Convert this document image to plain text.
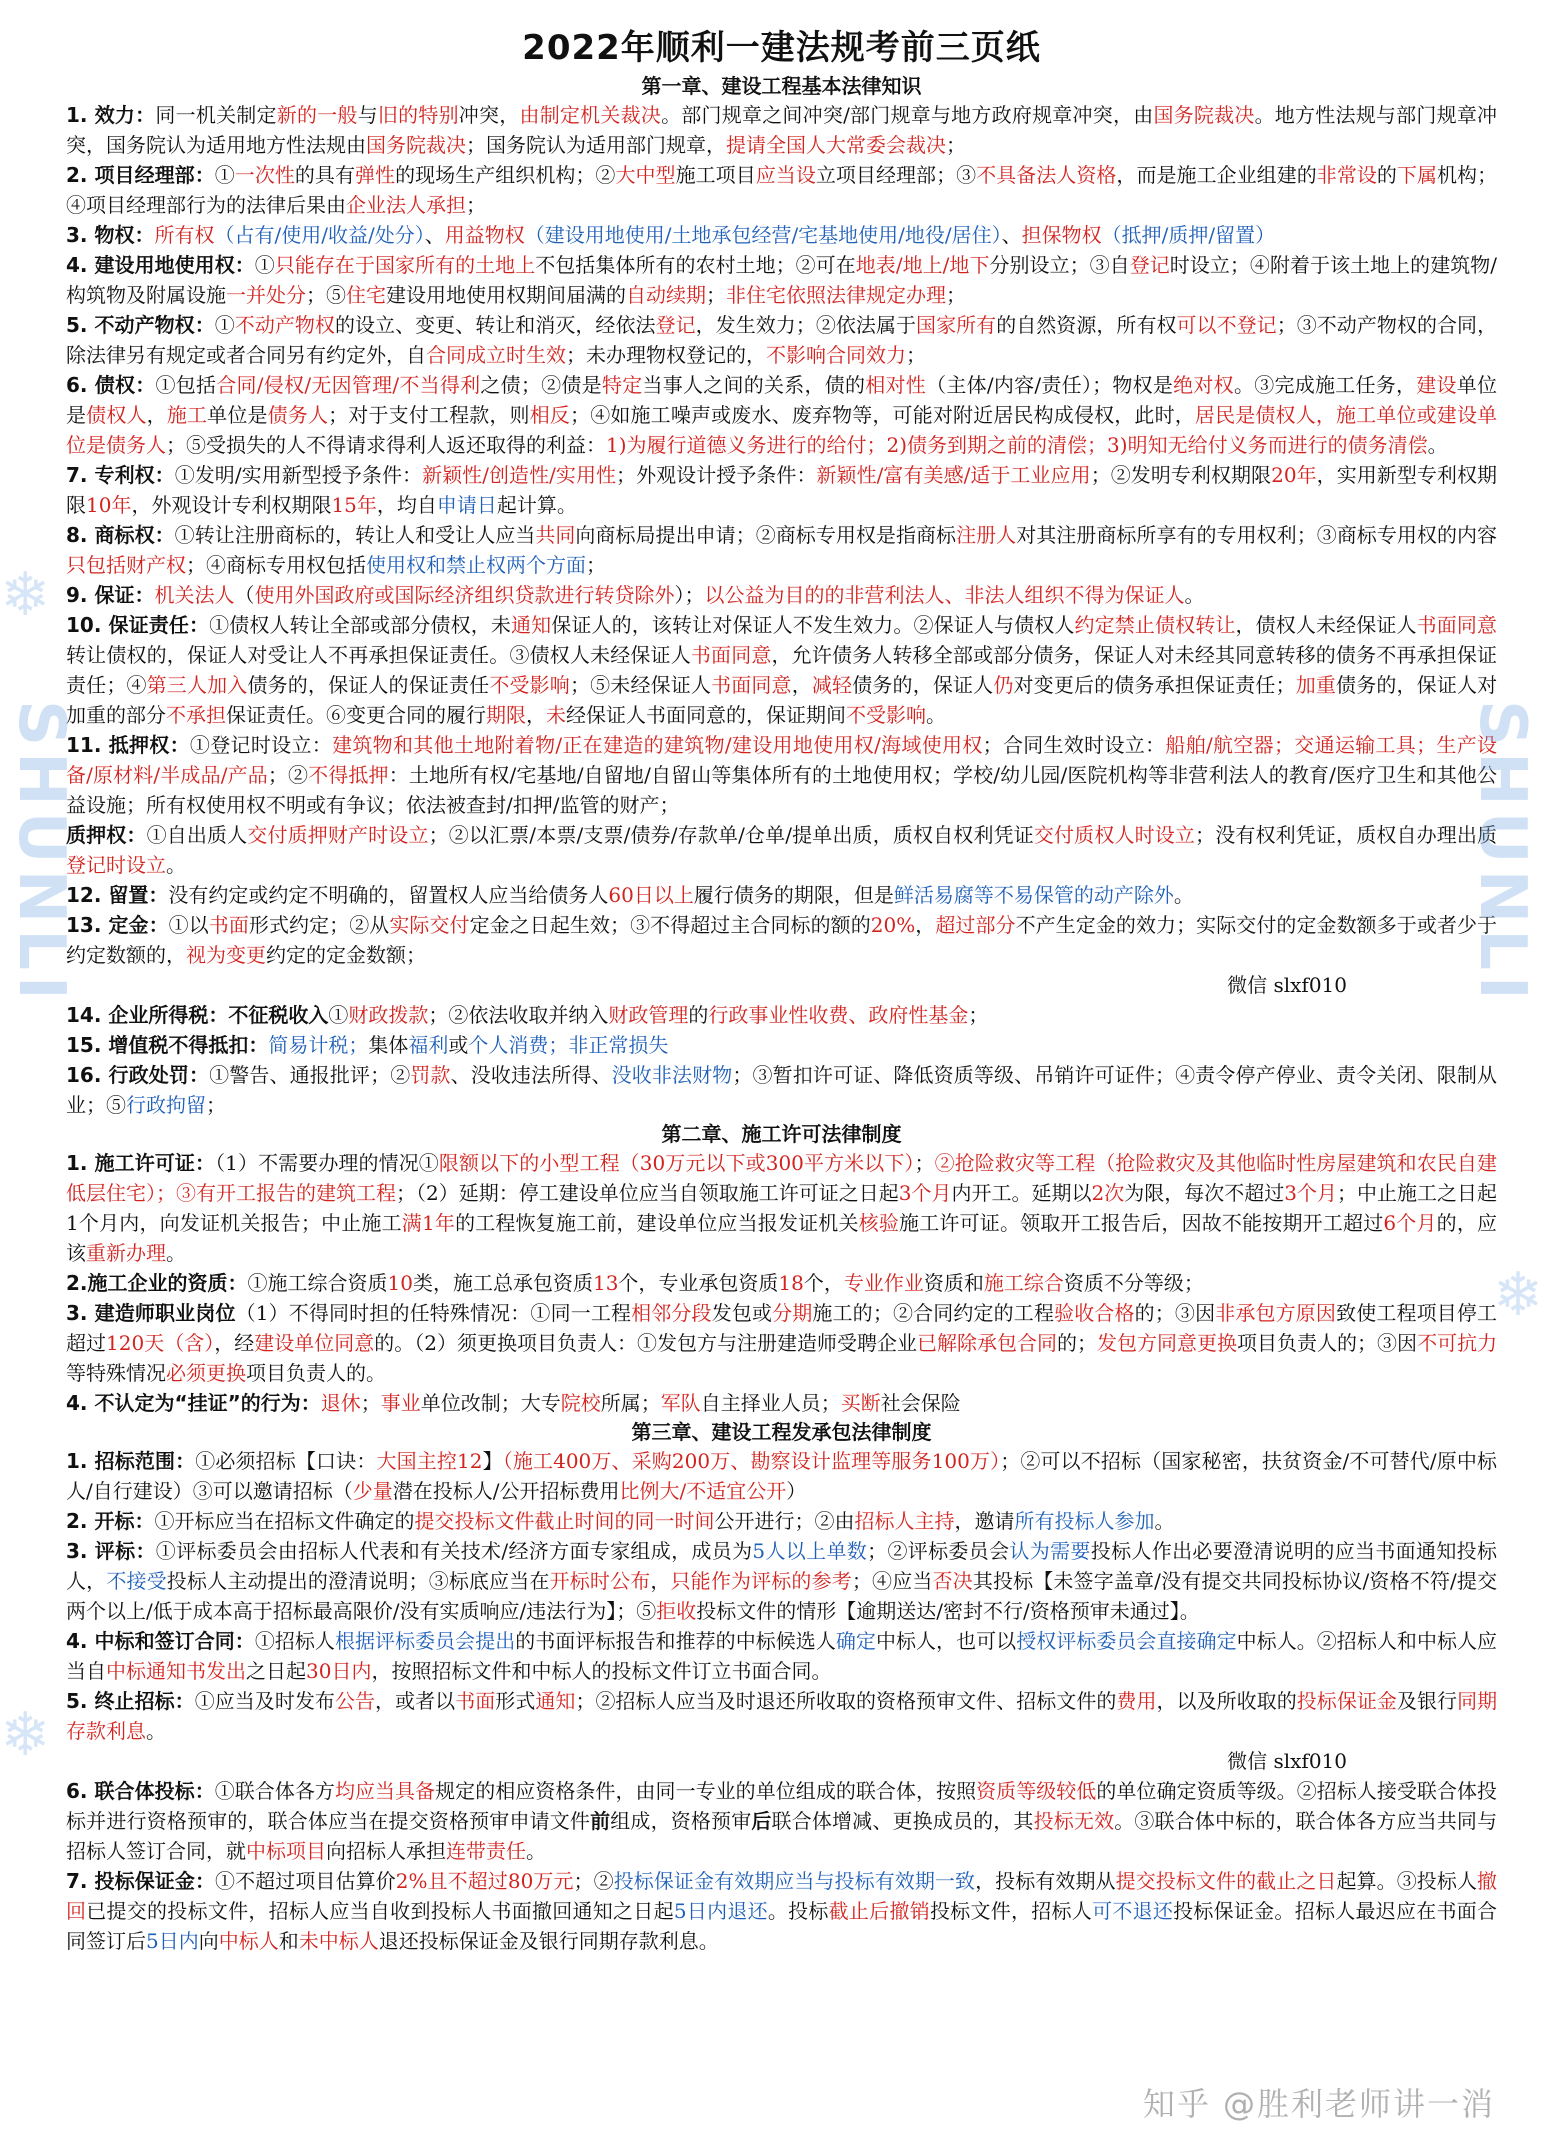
2022年顺利一建法规考前三页纸
第一章、建设工程基本法律知识

1. 效力：同一机关制定新的一般与旧的特别冲突，由制定机关裁决。部门规章之间冲突/部门规章与地方政府规章冲突，由国务院裁决。地方性法规与部门规章冲突，国务院认为适用地方性法规由国务院裁决；国务院认为适用部门规章，提请全国人大常委会裁决；

2. 项目经理部：①一次性的具有弹性的现场生产组织机构；②大中型施工项目应当设立项目经理部；③不具备法人资格，而是施工企业组建的非常设的下属机构；④项目经理部行为的法律后果由企业法人承担；

3. 物权：所有权（占有/使用/收益/处分）、用益物权（建设用地使用/土地承包经营/宅基地使用/地役/居住）、担保物权（抵押/质押/留置）

4. 建设用地使用权：①只能存在于国家所有的土地上不包括集体所有的农村土地；②可在地表/地上/地下分别设立；③自登记时设立；④附着于该土地上的建筑物/构筑物及附属设施一并处分；⑤住宅建设用地使用权期间届满的自动续期；非住宅依照法律规定办理；

5. 不动产物权：①不动产物权的设立、变更、转让和消灭，经依法登记，发生效力；②依法属于国家所有的自然资源，所有权可以不登记；③不动产物权的合同，除法律另有规定或者合同另有约定外，自合同成立时生效；未办理物权登记的，不影响合同效力；

6. 债权：①包括合同/侵权/无因管理/不当得利之债；②债是特定当事人之间的关系，债的相对性（主体/内容/责任）；物权是绝对权。③完成施工任务，建设单位是债权人，施工单位是债务人；对于支付工程款，则相反；④如施工噪声或废水、废弃物等，可能对附近居民构成侵权，此时，居民是债权人，施工单位或建设单位是债务人；⑤受损失的人不得请求得利人返还取得的利益：1)为履行道德义务进行的给付；2)债务到期之前的清偿；3)明知无给付义务而进行的债务清偿。

7. 专利权：①发明/实用新型授予条件：新颖性/创造性/实用性；外观设计授予条件：新颖性/富有美感/适于工业应用；②发明专利权期限20年，实用新型专利权期限10年，外观设计专利权期限15年，均自申请日起计算。

8. 商标权：①转让注册商标的，转让人和受让人应当共同向商标局提出申请；②商标专用权是指商标注册人对其注册商标所享有的专用权利；③商标专用权的内容只包括财产权；④商标专用权包括使用权和禁止权两个方面；

9. 保证：机关法人（使用外国政府或国际经济组织贷款进行转贷除外）；以公益为目的的非营利法人、非法人组织不得为保证人。

10. 保证责任：①债权人转让全部或部分债权，未通知保证人的，该转让对保证人不发生效力。②保证人与债权人约定禁止债权转让，债权人未经保证人书面同意转让债权的，保证人对受让人不再承担保证责任。③债权人未经保证人书面同意，允许债务人转移全部或部分债务，保证人对未经其同意转移的债务不再承担保证责任；④第三人加入债务的，保证人的保证责任不受影响；⑤未经保证人书面同意，减轻债务的，保证人仍对变更后的债务承担保证责任；加重债务的，保证人对加重的部分不承担保证责任。⑥变更合同的履行期限，未经保证人书面同意的，保证期间不受影响。

11. 抵押权：①登记时设立：建筑物和其他土地附着物/正在建造的建筑物/建设用地使用权/海域使用权；合同生效时设立：船舶/航空器；交通运输工具；生产设备/原材料/半成品/产品；②不得抵押：土地所有权/宅基地/自留地/自留山等集体所有的土地使用权；学校/幼儿园/医院机构等非营利法人的教育/医疗卫生和其他公益设施；所有权使用权不明或有争议；依法被查封/扣押/监管的财产；

质押权：①自出质人交付质押财产时设立；②以汇票/本票/支票/债券/存款单/仓单/提单出质，质权自权利凭证交付质权人时设立；没有权利凭证，质权自办理出质登记时设立。

12. 留置：没有约定或约定不明确的，留置权人应当给债务人60日以上履行债务的期限，但是鲜活易腐等不易保管的动产除外。

13. 定金：①以书面形式约定；②从实际交付定金之日起生效；③不得超过主合同标的额的20%，超过部分不产生定金的效力；实际交付的定金数额多于或者少于约定数额的，视为变更约定的定金数额；

微信 slxf010

14. 企业所得税：不征税收入①财政拨款；②依法收取并纳入财政管理的行政事业性收费、政府性基金；

15. 增值税不得抵扣：简易计税；集体福利或个人消费；非正常损失

16. 行政处罚：①警告、通报批评；②罚款、没收违法所得、没收非法财物；③暂扣许可证、降低资质等级、吊销许可证件；④责令停产停业、责令关闭、限制从业；⑤行政拘留；

第二章、施工许可法律制度

1. 施工许可证：（1）不需要办理的情况①限额以下的小型工程（30万元以下或300平方米以下）；②抢险救灾等工程（抢险救灾及其他临时性房屋建筑和农民自建低层住宅）；③有开工报告的建筑工程；（2）延期：停工建设单位应当自领取施工许可证之日起3个月内开工。延期以2次为限，每次不超过3个月；中止施工之日起1个月内，向发证机关报告；中止施工满1年的工程恢复施工前，建设单位应当报发证机关核验施工许可证。领取开工报告后，因故不能按期开工超过6个月的，应该重新办理。

2.施工企业的资质：①施工综合资质10类，施工总承包资质13个，专业承包资质18个，专业作业资质和施工综合资质不分等级；

3. 建造师职业岗位（1）不得同时担的任特殊情况：①同一工程相邻分段发包或分期施工的；②合同约定的工程验收合格的；③因非承包方原因致使工程项目停工超过120天（含），经建设单位同意的。（2）须更换项目负责人：①发包方与注册建造师受聘企业已解除承包合同的；发包方同意更换项目负责人的；③因不可抗力等特殊情况必须更换项目负责人的。

4. 不认定为“挂证”的行为：退休；事业单位改制；大专院校所属；军队自主择业人员；买断社会保险

第三章、建设工程发承包法律制度

1. 招标范围：①必须招标【口诀：大国主控12】（施工400万、采购200万、勘察设计监理等服务100万）；②可以不招标（国家秘密，扶贫资金/不可替代/原中标人/自行建设）③可以邀请招标（少量潜在投标人/公开招标费用比例大/不适宜公开）

2. 开标：①开标应当在招标文件确定的提交投标文件截止时间的同一时间公开进行；②由招标人主持，邀请所有投标人参加。

3. 评标：①评标委员会由招标人代表和有关技术/经济方面专家组成，成员为5人以上单数；②评标委员会认为需要投标人作出必要澄清说明的应当书面通知投标人，不接受投标人主动提出的澄清说明；③标底应当在开标时公布，只能作为评标的参考；④应当否决其投标【未签字盖章/没有提交共同投标协议/资格不符/提交两个以上/低于成本高于招标最高限价/没有实质响应/违法行为】；⑤拒收投标文件的情形【逾期送达/密封不行/资格预审未通过】。

4. 中标和签订合同：①招标人根据评标委员会提出的书面评标报告和推荐的中标候选人确定中标人，也可以授权评标委员会直接确定中标人。②招标人和中标人应当自中标通知书发出之日起30日内，按照招标文件和中标人的投标文件订立书面合同。

5. 终止招标：①应当及时发布公告，或者以书面形式通知；②招标人应当及时退还所收取的资格预审文件、招标文件的费用，以及所收取的投标保证金及银行同期存款利息。

微信 slxf010

6. 联合体投标：①联合体各方均应当具备规定的相应资格条件，由同一专业的单位组成的联合体，按照资质等级较低的单位确定资质等级。②招标人接受联合体投标并进行资格预审的，联合体应当在提交资格预审申请文件前组成，资格预审后联合体增减、更换成员的，其投标无效。③联合体中标的，联合体各方应当共同与招标人签订合同，就中标项目向招标人承担连带责任。

7. 投标保证金：①不超过项目估算价2%且不超过80万元；②投标保证金有效期应当与投标有效期一致，投标有效期从提交投标文件的截止之日起算。③投标人撤回已提交的投标文件，招标人应当自收到投标人书面撤回通知之日起5日内退还。投标截止后撤销投标文件，招标人可不退还投标保证金。招标人最迟应在书面合同签订后5日内向中标人和未中标人退还投标保证金及银行同期存款利息。

SHUNLI	SHUNLI
❄
❄
❄
知乎 @胜利老师讲一消
